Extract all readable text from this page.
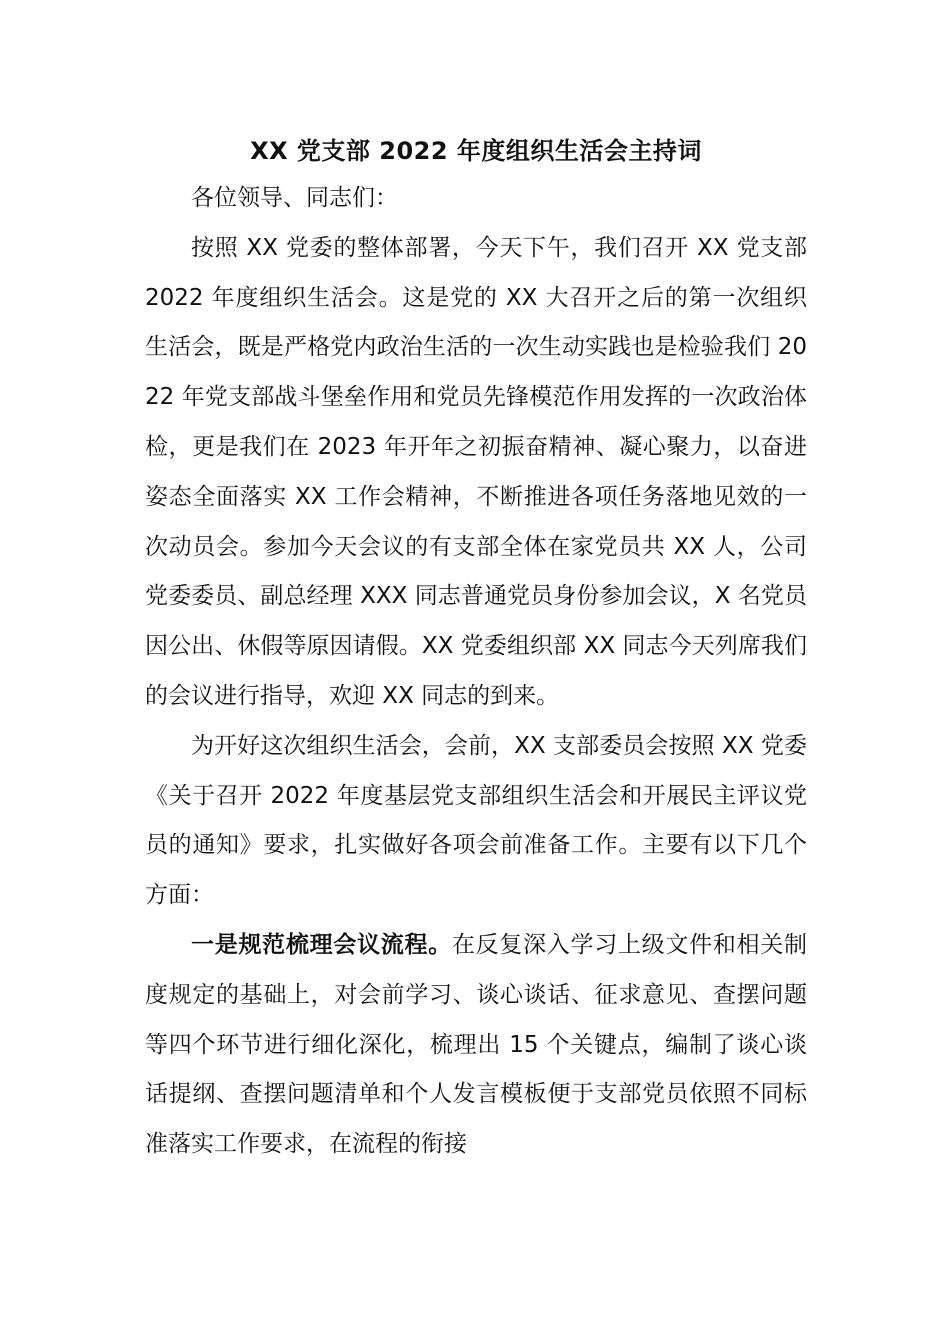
XX 党支部 2022 年度组织生活会主持词

各位领导、同志们：

按照 XX 党委的整体部署，今天下午，我们召开 XX 党支部 2022 年度组织生活会。这是党的 XX 大召开之后的第一次组织生活会，既是严格党内政治生活的一次生动实践也是检验我们 2022 年党支部战斗堡垒作用和党员先锋模范作用发挥的一次政治体检，更是我们在 2023 年开年之初振奋精神、凝心聚力，以奋进姿态全面落实 XX 工作会精神，不断推进各项任务落地见效的一次动员会。参加今天会议的有支部全体在家党员共 XX 人，公司党委委员、副总经理 XXX 同志普通党员身份参加会议，X 名党员因公出、休假等原因请假。XX 党委组织部 XX 同志今天列席我们的会议进行指导，欢迎 XX 同志的到来。

为开好这次组织生活会，会前，XX 支部委员会按照 XX 党委《关于召开 2022 年度基层党支部组织生活会和开展民主评议党员的通知》要求，扎实做好各项会前准备工作。主要有以下几个方面：

一是规范梳理会议流程。在反复深入学习上级文件和相关制度规定的基础上，对会前学习、谈心谈话、征求意见、查摆问题等四个环节进行细化深化，梳理出 15 个关键点，编制了谈心谈话提纲、查摆问题清单和个人发言模板便于支部党员依照不同标准落实工作要求，在流程的衔接
